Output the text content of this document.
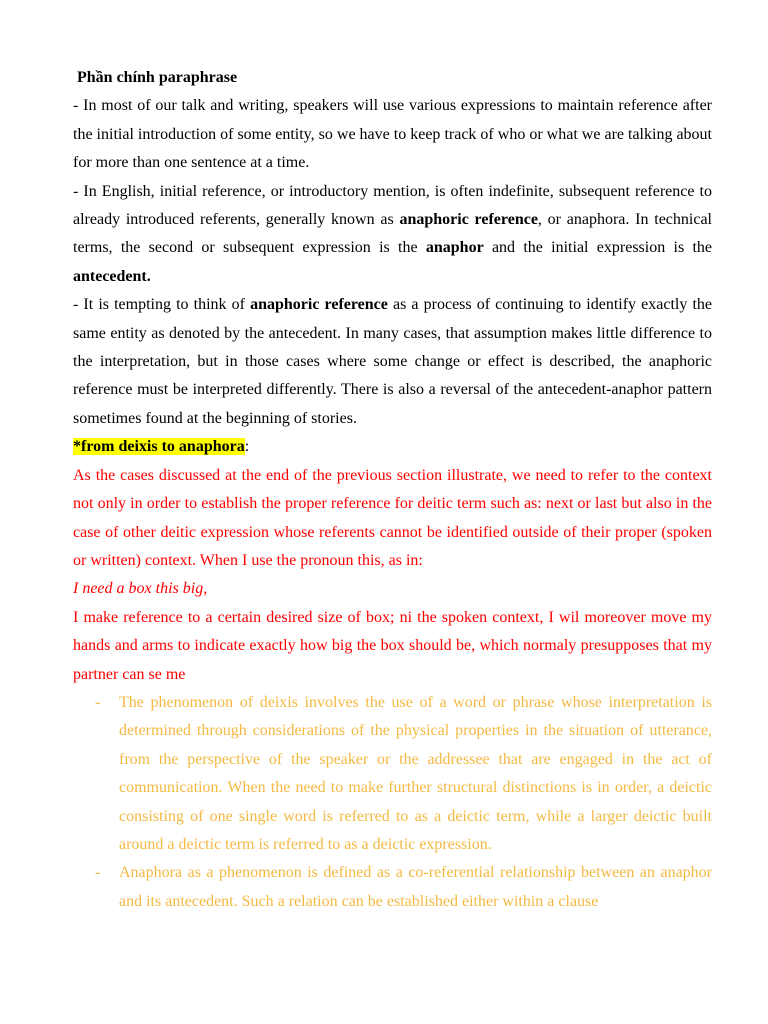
Phần chính paraphrase

- In most of our talk and writing, speakers will use various expressions to maintain reference after the initial introduction of some entity, so we have to keep track of who or what we are talking about for more than one sentence at a time.

- In English, initial reference, or introductory mention, is often indefinite, subsequent reference to already introduced referents, generally known as anaphoric reference, or anaphora. In technical terms, the second or subsequent expression is the anaphor and the initial expression is the antecedent.

- It is tempting to think of anaphoric reference as a process of continuing to identify exactly the same entity as denoted by the antecedent. In many cases, that assumption makes little difference to the interpretation, but in those cases where some change or effect is described, the anaphoric reference must be interpreted differently. There is also a reversal of the antecedent-anaphor pattern sometimes found at the beginning of stories.

*from deixis to anaphora:

As the cases discussed at the end of the previous section illustrate, we need to refer to the context not only in order to establish the proper reference for deitic term such as: next or last but also in the case of other deitic expression whose referents cannot be identified outside of their proper (spoken or written) context. When I use the pronoun this, as in:

I need a box this big,

I make reference to a certain desired size of box; ni the spoken context, I wil moreover move my hands and arms to indicate exactly how big the box should be, which normaly presupposes that my partner can se me

- The phenomenon of deixis involves the use of a word or phrase whose interpretation is determined through considerations of the physical properties in the situation of utterance, from the perspective of the speaker or the addressee that are engaged in the act of communication. When the need to make further structural distinctions is in order, a deictic consisting of one single word is referred to as a deictic term, while a larger deictic built around a deictic term is referred to as a deictic expression.
- Anaphora as a phenomenon is defined as a co-referential relationship between an anaphor and its antecedent. Such a relation can be established either within a clause
